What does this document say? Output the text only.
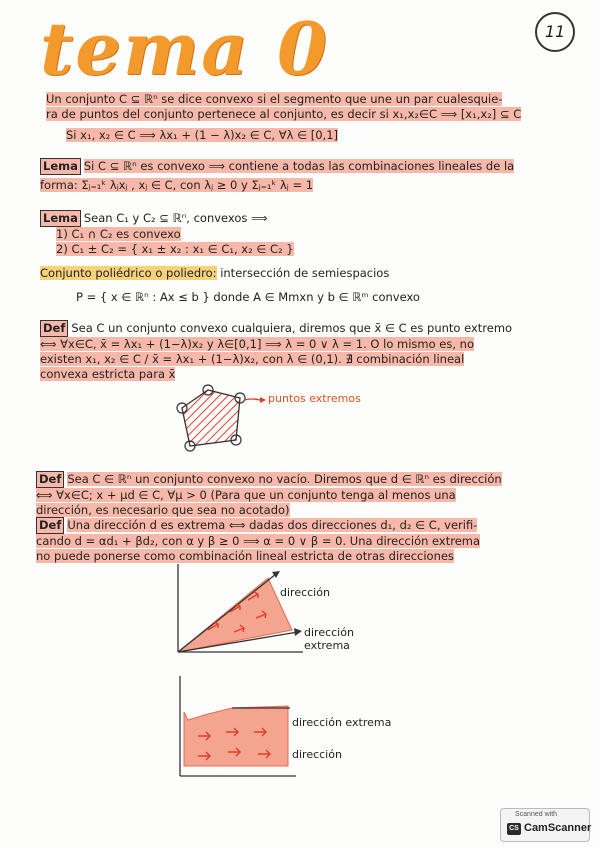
tema 0	11
Un conjunto C ⊆ ℝⁿ se dice convexo si el segmento que une un par cualesquie-
ra de puntos del conjunto pertenece al conjunto, es decir si x₁,x₂∈C ⟹ [x₁,x₂] ⊆ C
Si x₁, x₂ ∈ C ⟹ λx₁ + (1 − λ)x₂ ∈ C, ∀λ ∈ [0,1]
Lema Si C ⊆ ℝⁿ es convexo ⟹ contiene a todas las combinaciones lineales de la
forma: Σⱼ₌₁ᵏ λⱼxⱼ , xⱼ ∈ C, con λⱼ ≥ 0 y Σⱼ₌₁ᵏ λⱼ = 1
Lema Sean C₁ y C₂ ⊆ ℝⁿ, convexos ⟹
1) C₁ ∩ C₂ es convexo
2) C₁ ± C₂ = { x₁ ± x₂ : x₁ ∈ C₁, x₂ ∈ C₂ }
Conjunto poliédrico o poliedro: intersección de semiespacios
P = { x ∈ ℝⁿ : Ax ≤ b } donde A ∈ Mmxn y b ∈ ℝᵐ convexo
Def Sea C un conjunto convexo cualquiera, diremos que x̄ ∈ C es punto extremo
⟺ ∀x∈C, x̄ = λx₁ + (1−λ)x₂ y λ∈[0,1] ⟹ λ = 0 ∨ λ = 1. O lo mismo es, no
existen x₁, x₂ ∈ C / x̄ = λx₁ + (1−λ)x₂, con λ ∈ (0,1). ∄ combinación lineal
convexa estricta para x̄
puntos extremos
Def Sea C ∈ ℝⁿ un conjunto convexo no vacío. Diremos que d ∈ ℝⁿ es dirección
⟺ ∀x∈C; x + μd ∈ C, ∀μ > 0 (Para que un conjunto tenga al menos una
dirección, es necesario que sea no acotado)
Def Una dirección d es extrema ⟺ dadas dos direcciones d₁, d₂ ∈ C, verifi-
cando d = αd₁ + βd₂, con α y β ≥ 0 ⟹ α = 0 ∨ β = 0. Una dirección extrema
no puede ponerse como combinación lineal estricta de otras direcciones
dirección
dirección
extrema
dirección extrema
dirección
Scanned with
CS CamScanner
